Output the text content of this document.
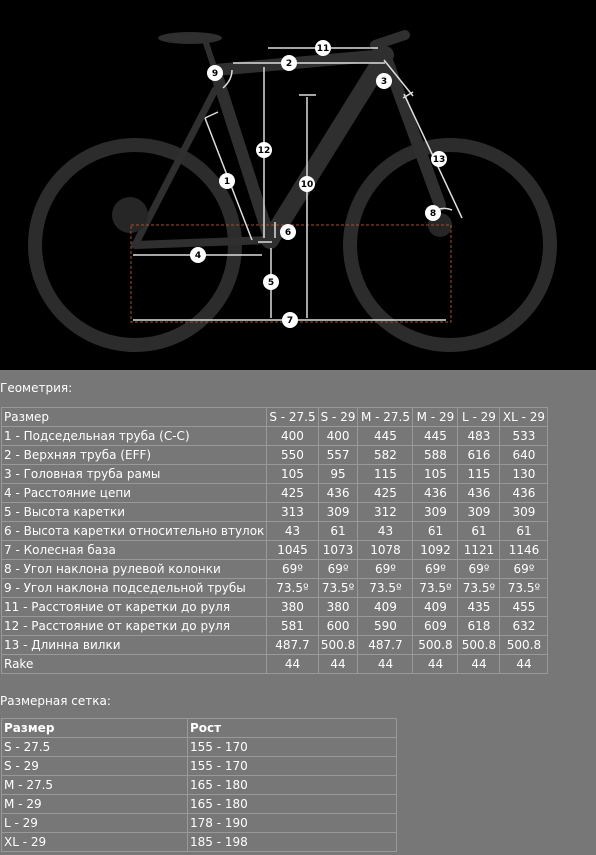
11
2
3
9
12
10
1
13
8
6
4
5
7
Геометрия:
Размер	S - 27.5	S - 29	M - 27.5	M - 29	L - 29	XL - 29
1 - Подседельная труба (C-C)	400	400	445	445	483	533
2 - Верхняя труба (EFF)	550	557	582	588	616	640
3 - Головная труба рамы	105	95	115	105	115	130
4 - Расстояние цепи	425	436	425	436	436	436
5 - Высота каретки	313	309	312	309	309	309
6 - Высота каретки относительно втулок	43	61	43	61	61	61
7 - Колесная база	1045	1073	1078	1092	1121	1146
8 - Угол наклона рулевой колонки	69º	69º	69º	69º	69º	69º
9 - Угол наклона подседельной трубы	73.5º	73.5º	73.5º	73.5º	73.5º	73.5º
11 - Расстояние от каретки до руля	380	380	409	409	435	455
12 - Расстояние от каретки до руля	581	600	590	609	618	632
13 - Длинна вилки	487.7	500.8	487.7	500.8	500.8	500.8
Rake	44	44	44	44	44	44
Размерная сетка:
Размер	Рост
S - 27.5	155 - 170
S - 29	155 - 170
M - 27.5	165 - 180
M - 29	165 - 180
L - 29	178 - 190
XL - 29	185 - 198
